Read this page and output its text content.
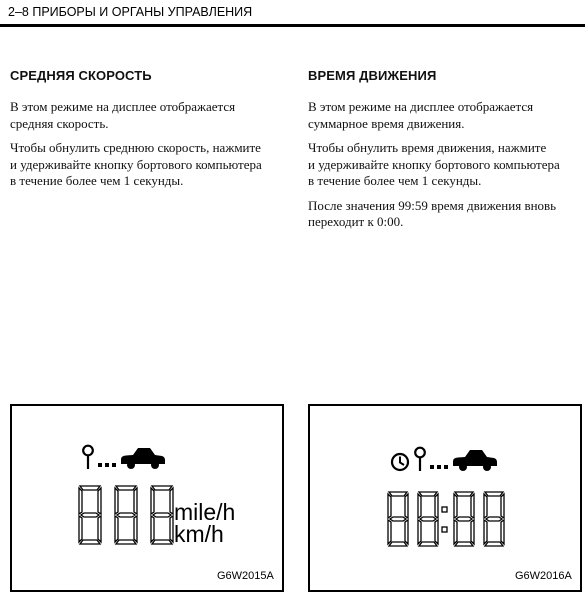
2–8 ПРИБОРЫ И ОРГАНЫ УПРАВЛЕНИЯ
СРЕДНЯЯ СКОРОСТЬ

В этом режиме на дисплее отображается
средняя скорость.

Чтобы обнулить среднюю скорость, нажмите
и удерживайте кнопку бортового компьютера
в течение более чем 1 секунды.

ВРЕМЯ ДВИЖЕНИЯ

В этом режиме на дисплее отображается
суммарное время движения.

Чтобы обнулить время движения, нажмите
и удерживайте кнопку бортового компьютера
в течение более чем 1 секунды.

После значения 99:59 время движения вновь
переходит к 0:00.

mile/h
km/h
G6W2015A	G6W2016A
